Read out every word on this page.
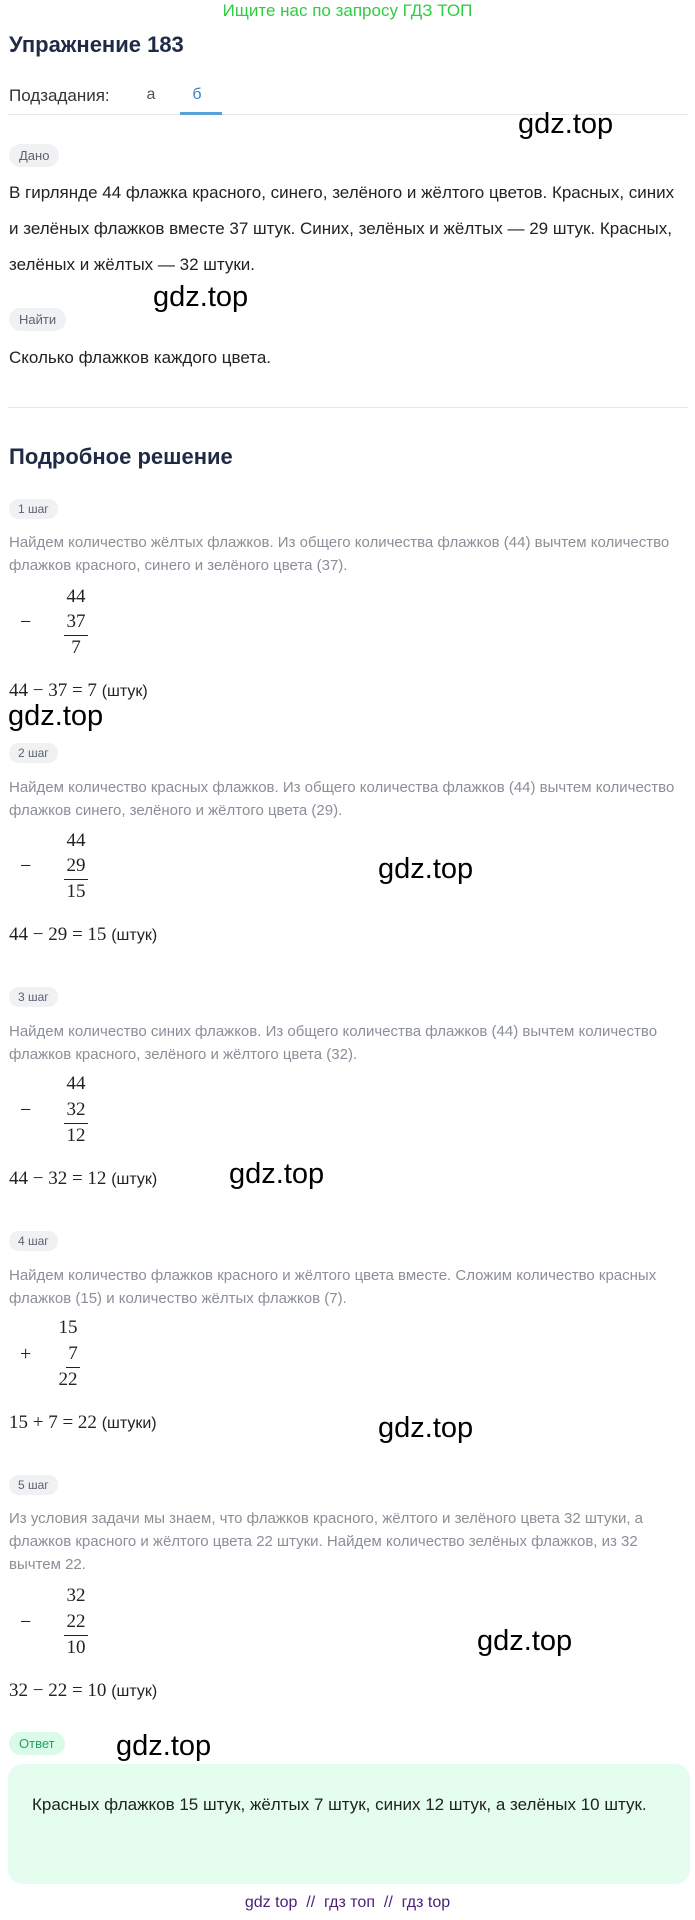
Ищите нас по запросу ГДЗ ТОП
Упражнение 183
Подзадания:	а	б
Дано
В гирлянде 44 флажка красного, синего, зелёного и жёлтого цветов. Красных, синих и зелёных флажков вместе 37 штук. Синих, зелёных и жёлтых — 29 штук. Красных, зелёных и жёлтых — 32 штуки.
Найти
Сколько флажков каждого цвета.
Подробное решение
1 шаг
Найдем количество жёлтых флажков. Из общего количества флажков (44) вычтем количество флажков красного, синего и зелёного цвета (37).
44
−	37
7
44 − 37 = 7 (штук)
2 шаг
Найдем количество красных флажков. Из общего количества флажков (44) вычтем количество флажков синего, зелёного и жёлтого цвета (29).
44
−	29
15
44 − 29 = 15 (штук)
3 шаг
Найдем количество синих флажков. Из общего количества флажков (44) вычтем количество флажков красного, зелёного и жёлтого цвета (32).
44
−	32
12
44 − 32 = 12 (штук)
4 шаг
Найдем количество флажков красного и жёлтого цвета вместе. Сложим количество красных флажков (15) и количество жёлтых флажков (7).
15
+	7
22
15 + 7 = 22 (штуки)
5 шаг
Из условия задачи мы знаем, что флажков красного, жёлтого и зелёного цвета 32 штуки, а флажков красного и жёлтого цвета 22 штуки. Найдем количество зелёных флажков, из 32 вычтем 22.
32
−	22
10
32 − 22 = 10 (штук)
Ответ
Красных флажков 15 штук, жёлтых 7 штук, синих 12 штук, а зелёных 10 штук.
gdz.top
gdz.top
gdz.top
gdz.top
gdz.top
gdz.top
gdz.top
gdz.top
gdz top  //  гдз топ  //  гдз top
